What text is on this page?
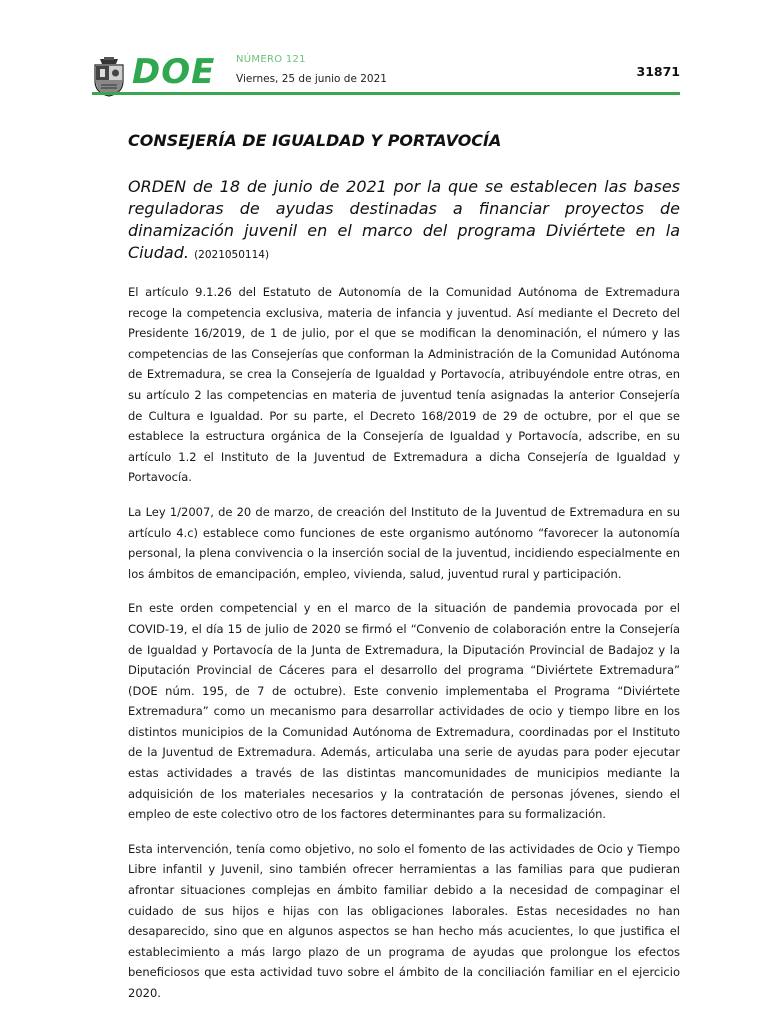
DOE NÚMERO 121
Viernes, 25 de junio de 2021	31871
CONSEJERÍA DE IGUALDAD Y PORTAVOCÍA

ORDEN de 18 de junio de 2021 por la que se establecen las bases reguladoras de ayudas destinadas a financiar proyectos de dinamización juvenil en el marco del programa Diviértete en la Ciudad. (2021050114)

El artículo 9.1.26 del Estatuto de Autonomía de la Comunidad Autónoma de Extremadura recoge la competencia exclusiva, materia de infancia y juventud. Así mediante el Decreto del Presidente 16/2019, de 1 de julio, por el que se modifican la denominación, el número y las competencias de las Consejerías que conforman la Administración de la Comunidad Autónoma de Extremadura, se crea la Consejería de Igualdad y Portavocía, atribuyéndole entre otras, en su artículo 2 las competencias en materia de juventud tenía asignadas la anterior Consejería de Cultura e Igualdad. Por su parte, el Decreto 168/2019 de 29 de octubre, por el que se establece la estructura orgánica de la Consejería de Igualdad y Portavocía, adscribe, en su artículo 1.2 el Instituto de la Juventud de Extremadura a dicha Consejería de Igualdad y Portavocía.

La Ley 1/2007, de 20 de marzo, de creación del Instituto de la Juventud de Extremadura en su artículo 4.c) establece como funciones de este organismo autónomo “favorecer la autonomía personal, la plena convivencia o la inserción social de la juventud, incidiendo especialmente en los ámbitos de emancipación, empleo, vivienda, salud, juventud rural y participación.

En este orden competencial y en el marco de la situación de pandemia provocada por el COVID-19, el día 15 de julio de 2020 se firmó el “Convenio de colaboración entre la Consejería de Igualdad y Portavocía de la Junta de Extremadura, la Diputación Provincial de Badajoz y la Diputación Provincial de Cáceres para el desarrollo del programa “Diviértete Extremadura” (DOE núm. 195, de 7 de octubre). Este convenio implementaba el Programa “Diviértete Extremadura” como un mecanismo para desarrollar actividades de ocio y tiempo libre en los distintos municipios de la Comunidad Autónoma de Extremadura, coordinadas por el Instituto de la Juventud de Extremadura. Además, articulaba una serie de ayudas para poder ejecutar estas actividades a través de las distintas mancomunidades de municipios mediante la adquisición de los materiales necesarios y la contratación de personas jóvenes, siendo el empleo de este colectivo otro de los factores determinantes para su formalización.

Esta intervención, tenía como objetivo, no solo el fomento de las actividades de Ocio y Tiempo Libre infantil y Juvenil, sino también ofrecer herramientas a las familias para que pudieran afrontar situaciones complejas en ámbito familiar debido a la necesidad de compaginar el cuidado de sus hijos e hijas con las obligaciones laborales. Estas necesidades no han desaparecido, sino que en algunos aspectos se han hecho más acucientes, lo que justifica el establecimiento a más largo plazo de un programa de ayudas que prolongue los efectos beneficiosos que esta actividad tuvo sobre el ámbito de la conciliación familiar en el ejercicio 2020.
